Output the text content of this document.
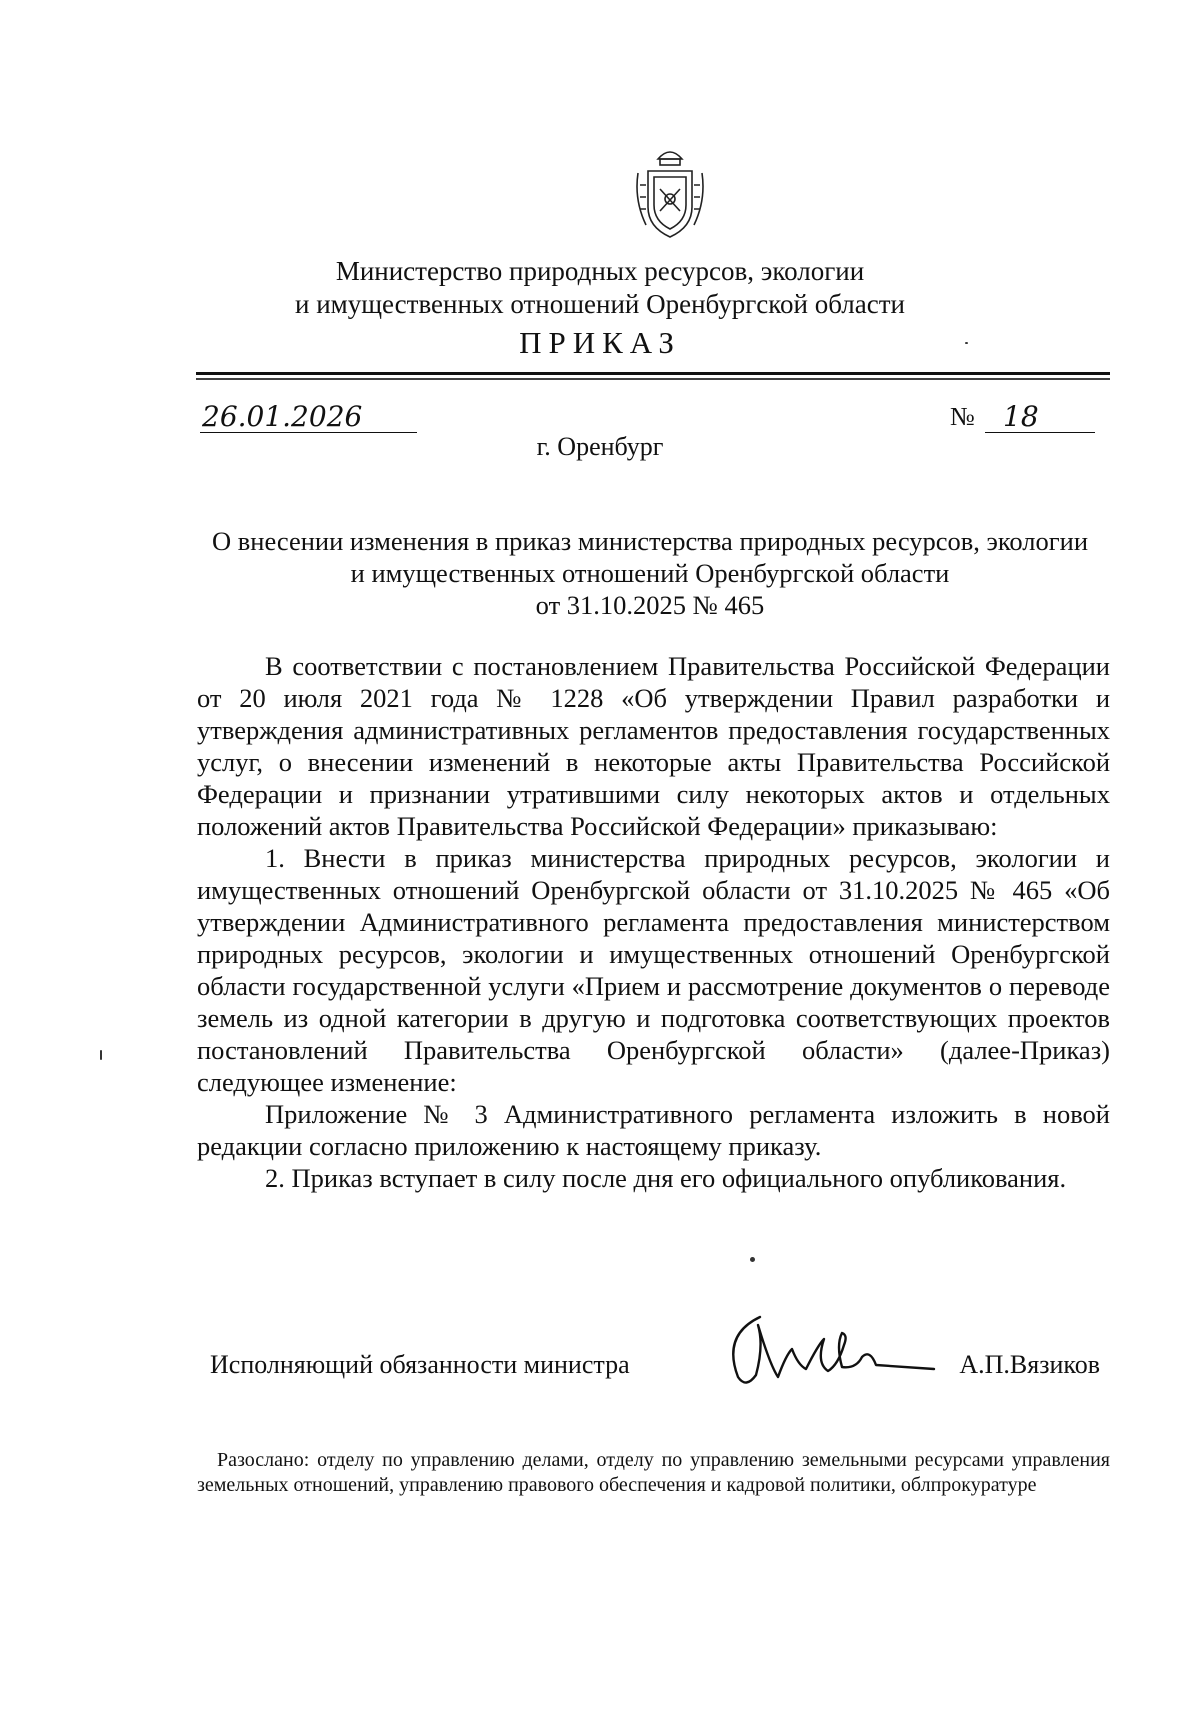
Министерство природных ресурсов, экологии
и имущественных отношений Оренбургской области
ПРИКАЗ
26.01.2026	№	18
г. Оренбург
О внесении изменения в приказ министерства природных ресурсов, экологии
и имущественных отношений Оренбургской области
от 31.10.2025 № 465

В соответствии с постановлением Правительства Российской Федерации от 20 июля 2021 года № 1228 «Об утверждении Правил разработки и утверждения административных регламентов предоставления государственных услуг, о внесении изменений в некоторые акты Правительства Российской Федерации и признании утратившими силу некоторых актов и отдельных положений актов Правительства Российской Федерации» приказываю:

1. Внести в приказ министерства природных ресурсов, экологии и имущественных отношений Оренбургской области от 31.10.2025 № 465 «Об утверждении Административного регламента предоставления министерством природных ресурсов, экологии и имущественных отношений Оренбургской области государственной услуги «Прием и рассмотрение документов о переводе земель из одной категории в другую и подготовка соответствующих проектов постановлений Правительства Оренбургской области» (далее-Приказ) следующее изменение:

Приложение № 3 Административного регламента изложить в новой редакции согласно приложению к настоящему приказу.

2. Приказ вступает в силу после дня его официального опубликования.

Исполняющий обязанности министра	А.П.Вязиков
Разослано: отделу по управлению делами, отделу по управлению земельными ресурсами управления земельных отношений, управлению правового обеспечения и кадровой политики, облпрокуратуре
